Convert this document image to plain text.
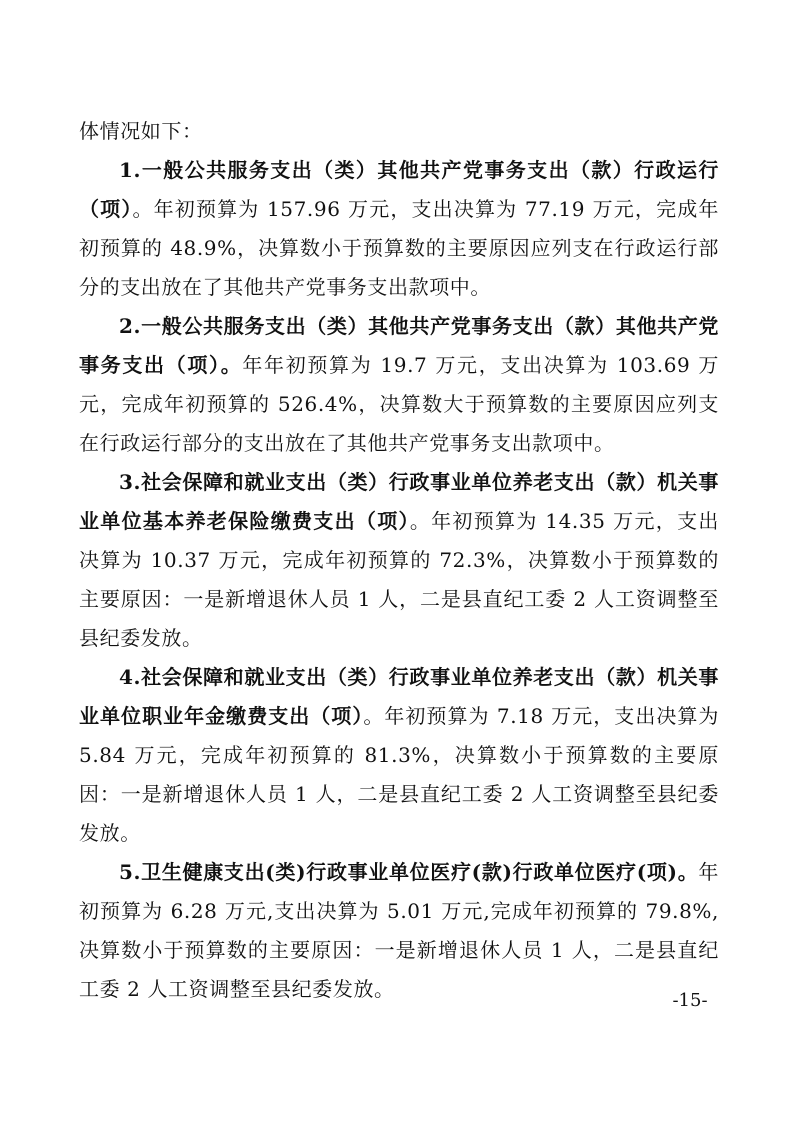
体情况如下：

1.一般公共服务支出（类）其他共产党事务支出（款）行政运行（项）。年初预算为 157.96 万元，支出决算为 77.19 万元，完成年初预算的 48.9%，决算数小于预算数的主要原因应列支在行政运行部分的支出放在了其他共产党事务支出款项中。

2.一般公共服务支出（类）其他共产党事务支出（款）其他共产党事务支出（项）。年年初预算为 19.7 万元，支出决算为 103.69 万元，完成年初预算的 526.4%，决算数大于预算数的主要原因应列支在行政运行部分的支出放在了其他共产党事务支出款项中。

3.社会保障和就业支出（类）行政事业单位养老支出（款）机关事业单位基本养老保险缴费支出（项）。年初预算为 14.35 万元，支出决算为 10.37 万元，完成年初预算的 72.3%，决算数小于预算数的主要原因：一是新增退休人员 1 人，二是县直纪工委 2 人工资调整至县纪委发放。

4.社会保障和就业支出（类）行政事业单位养老支出（款）机关事业单位职业年金缴费支出（项）。年初预算为 7.18 万元，支出决算为 5.84 万元，完成年初预算的 81.3%，决算数小于预算数的主要原因：一是新增退休人员 1 人，二是县直纪工委 2 人工资调整至县纪委发放。

5.卫生健康支出(类)行政事业单位医疗(款)行政单位医疗(项)。年初预算为 6.28 万元,支出决算为 5.01 万元,完成年初预算的 79.8%,决算数小于预算数的主要原因：一是新增退休人员 1 人，二是县直纪工委 2 人工资调整至县纪委发放。	-15-
